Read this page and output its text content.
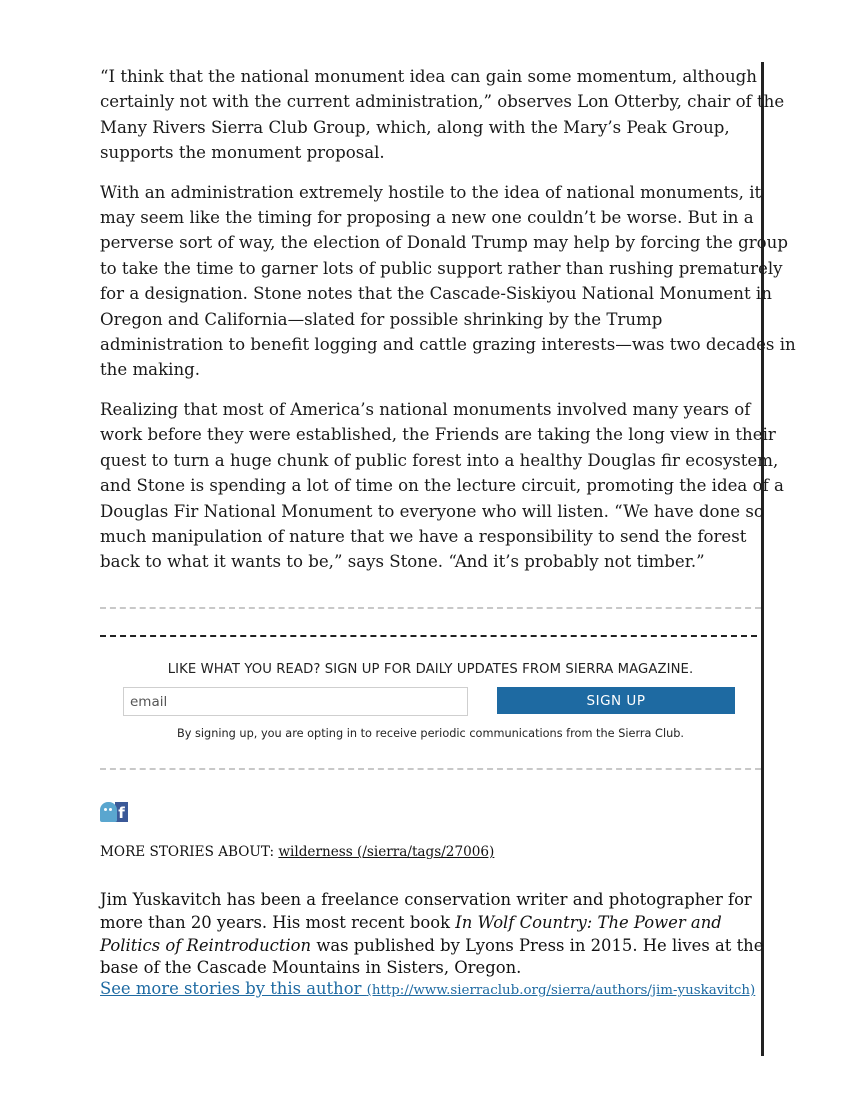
“I think that the national monument idea can gain some momentum, although
certainly not with the current administration,” observes Lon Otterby, chair of the
Many Rivers Sierra Club Group, which, along with the Mary’s Peak Group,
supports the monument proposal.

With an administration extremely hostile to the idea of national monuments, it
may seem like the timing for proposing a new one couldn’t be worse. But in a
perverse sort of way, the election of Donald Trump may help by forcing the group
to take the time to garner lots of public support rather than rushing prematurely
for a designation. Stone notes that the Cascade-Siskiyou National Monument in
Oregon and California—slated for possible shrinking by the Trump
administration to benefit logging and cattle grazing interests—was two decades in
the making.

Realizing that most of America’s national monuments involved many years of
work before they were established, the Friends are taking the long view in their
quest to turn a huge chunk of public forest into a healthy Douglas fir ecosystem,
and Stone is spending a lot of time on the lecture circuit, promoting the idea of a
Douglas Fir National Monument to everyone who will listen. “We have done so
much manipulation of nature that we have a responsibility to send the forest
back to what it wants to be,” says Stone. “And it’s probably not timber.”

LIKE WHAT YOU READ? SIGN UP FOR DAILY UPDATES FROM SIERRA MAGAZINE.
email
SIGN UP
By signing up, you are opting in to receive periodic communications from the Sierra Club.
f
MORE STORIES ABOUT: wilderness (/sierra/tags/27006)
Jim Yuskavitch has been a freelance conservation writer and photographer for
more than 20 years. His most recent book In Wolf Country: The Power and
Politics of Reintroduction was published by Lyons Press in 2015. He lives at the
base of the Cascade Mountains in Sisters, Oregon.
See more stories by this author (http://www.sierraclub.org/sierra/authors/jim-yuskavitch)
